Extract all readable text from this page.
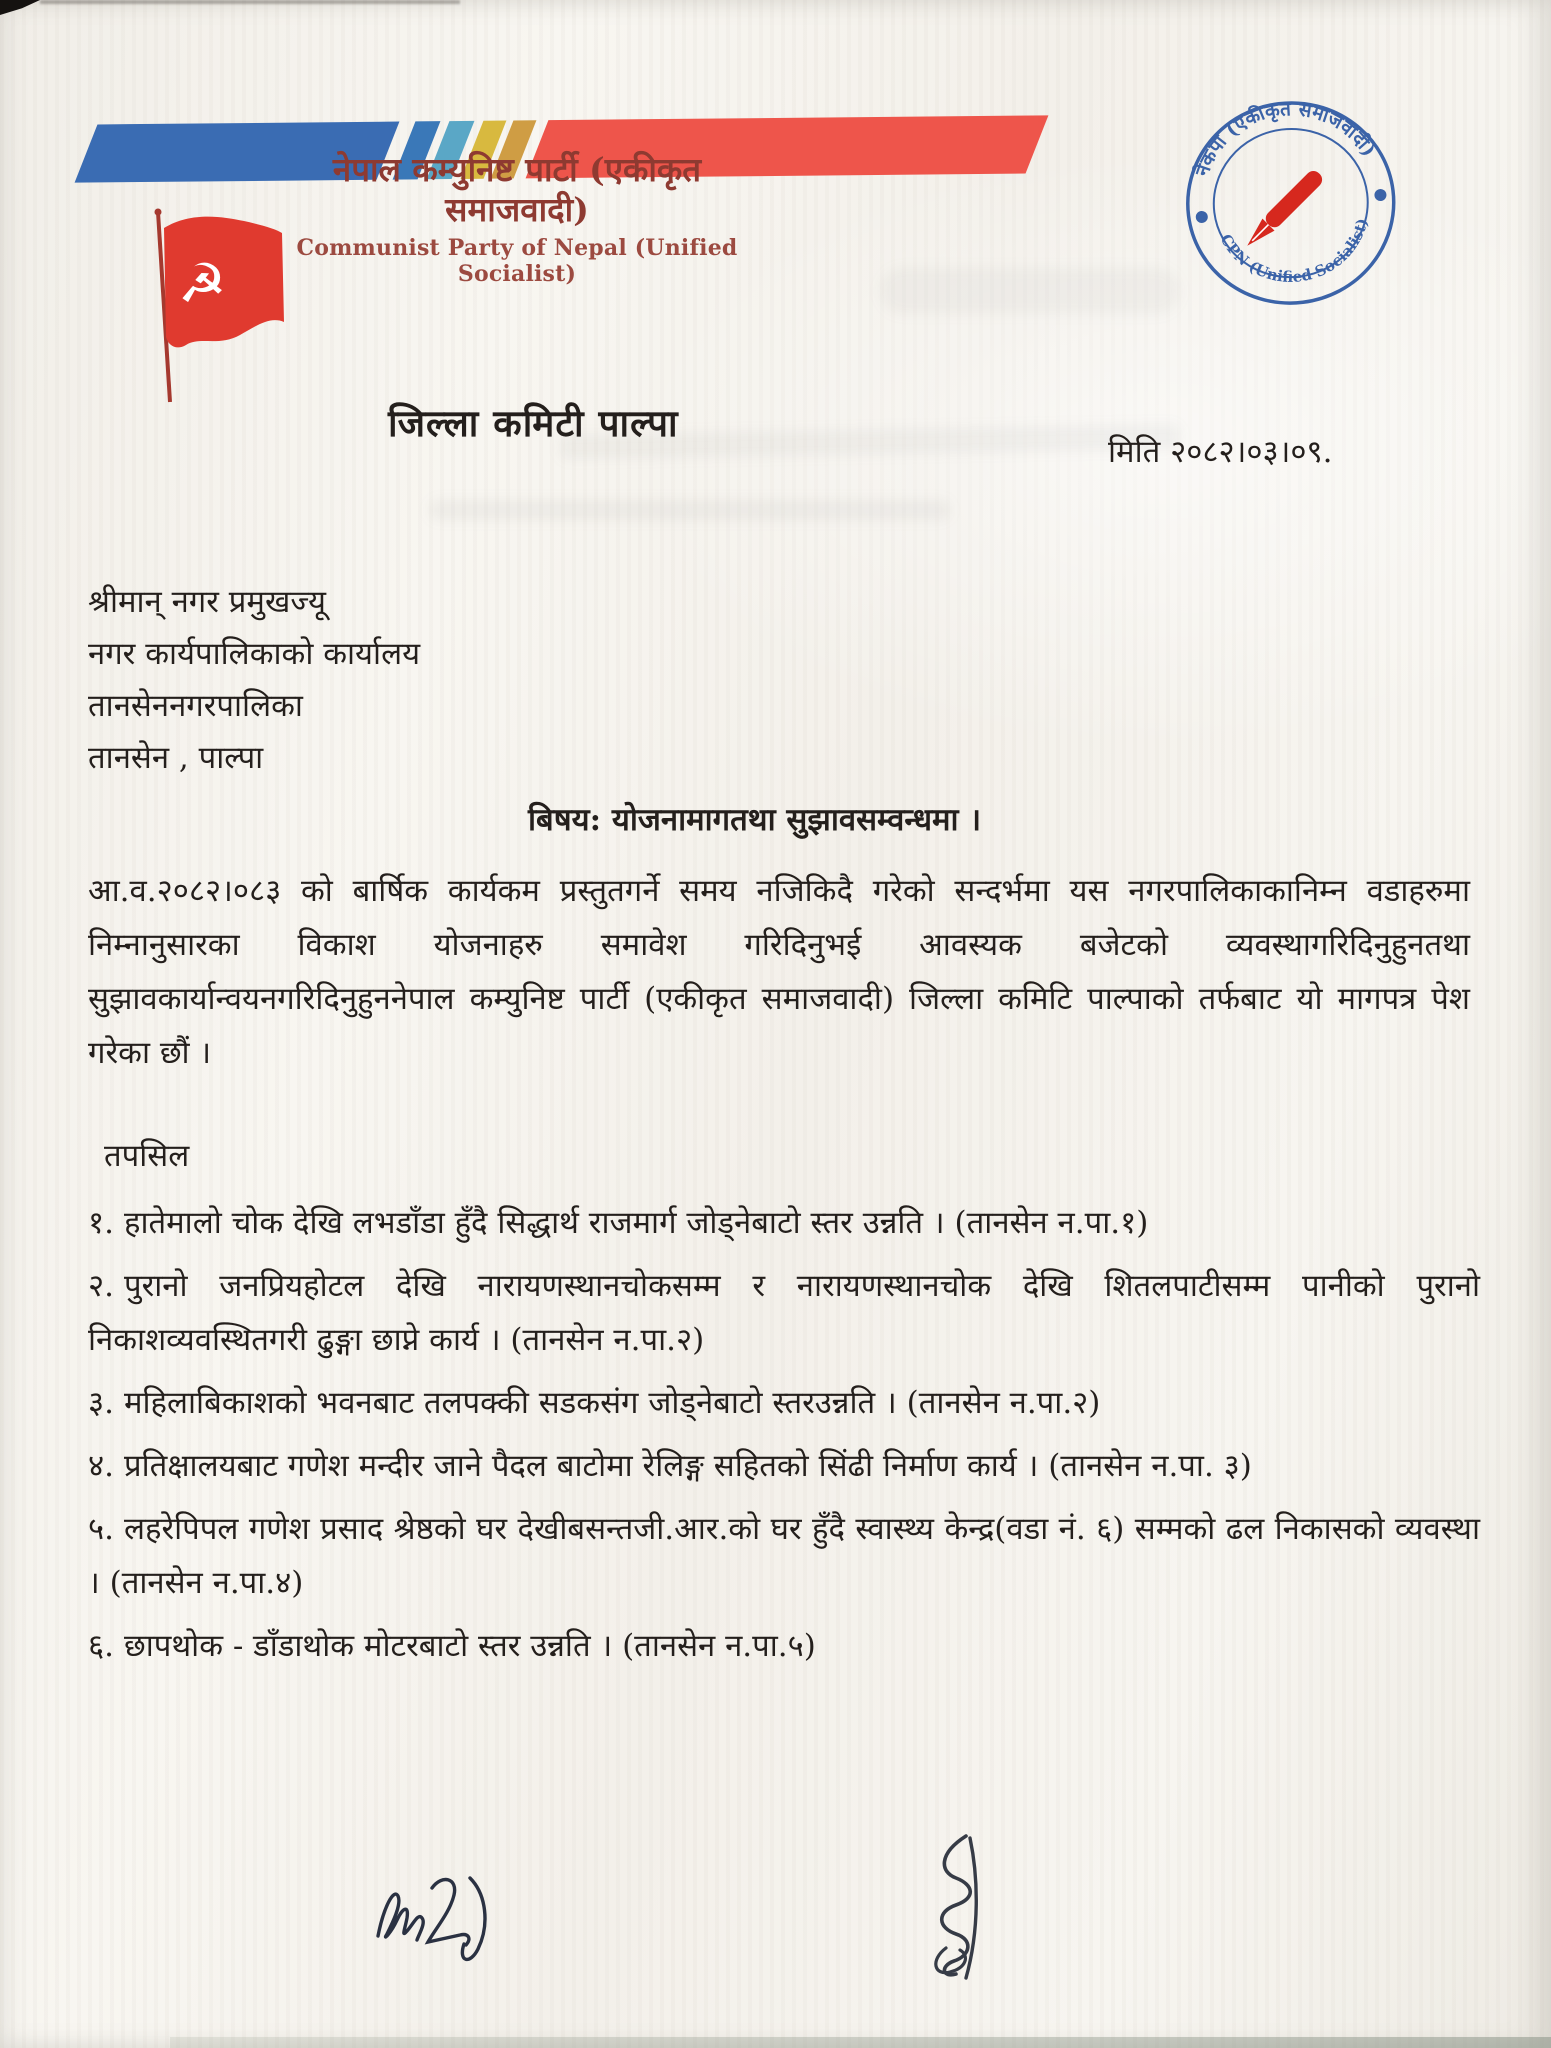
☭
नेपाल कम्युनिष्ट पार्टी (एकीकृत समाजवादी)
Communist Party of Nepal (Unified Socialist)
नेकपा (एकीकृत समाजवादी)
CPN (Unified Socialist)
जिल्ला कमिटी पाल्पा
मिति २०८२।०३।०९.
श्रीमान् नगर प्रमुखज्यू
नगर कार्यपालिकाको कार्यालय
तानसेननगरपालिका
तानसेन , पाल्पा
बिषय: योजनामागतथा सुझावसम्वन्धमा ।
आ.व.२०८२।०८३ को बार्षिक कार्यकम प्रस्तुतगर्ने समय नजिकिदै गरेको सन्दर्भमा यस नगरपालिकाकानिम्न वडाहरुमा निम्नानुसारका विकाश योजनाहरु समावेश गरिदिनुभई आवस्यक बजेटको व्यवस्थागरिदिनुहुनतथा सुझावकार्यान्वयनगरिदिनुहुननेपाल कम्युनिष्ट पार्टी (एकीकृत समाजवादी) जिल्ला कमिटि पाल्पाको तर्फबाट यो मागपत्र पेश गरेका छौं ।
तपसिल
१. हातेमालो चोक देखि लभडाँडा हुँदै सिद्धार्थ राजमार्ग जोड्नेबाटो स्तर उन्नति । (तानसेन न.पा.१)
२. पुरानो जनप्रियहोटल देखि नारायणस्थानचोकसम्म र नारायणस्थानचोक देखि शितलपाटीसम्म पानीको पुरानो निकाशव्यवस्थितगरी ढुङ्गा छाप्ने कार्य । (तानसेन न.पा.२)
३. महिलाबिकाशको भवनबाट तलपक्की सडकसंग जोड्नेबाटो स्तरउन्नति । (तानसेन न.पा.२)
४. प्रतिक्षालयबाट गणेश मन्दीर जाने पैदल बाटोमा रेलिङ्ग सहितको सिंढी निर्माण कार्य । (तानसेन न.पा. ३)
५. लहरेपिपल गणेश प्रसाद श्रेष्ठको घर देखीबसन्तजी.आर.को घर हुँदै स्वास्थ्य केन्द्र(वडा नं. ६) सम्मको ढल निकासको व्यवस्था । (तानसेन न.पा.४)
६. छापथोक - डाँडाथोक मोटरबाटो स्तर उन्नति । (तानसेन न.पा.५)
